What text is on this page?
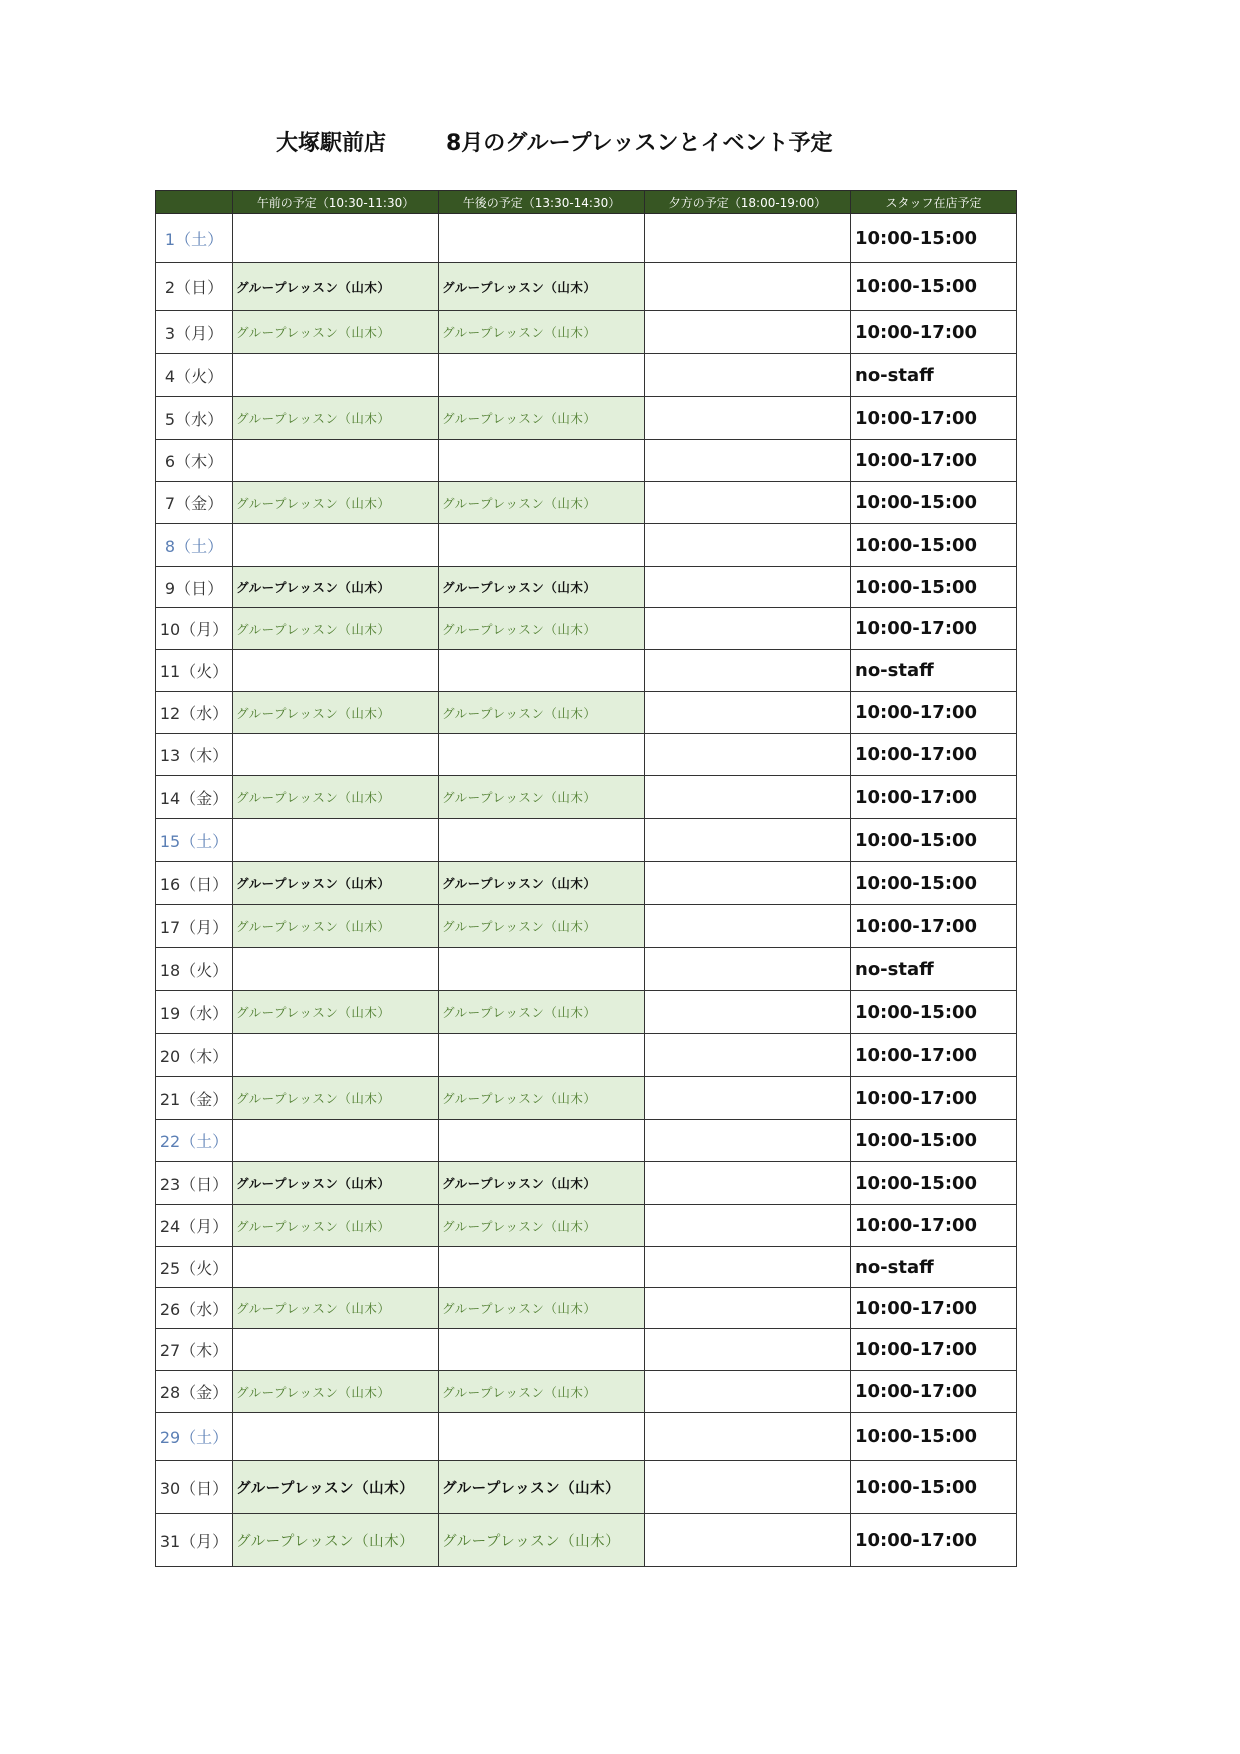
大塚駅前店	8月のグループレッスンとイベント予定
	午前の予定（10:30-11:30）	午後の予定（13:30-14:30）	夕方の予定（18:00-19:00）	スタッフ在店予定
1（土）				10:00-15:00
2（日）	グループレッスン（山木）	グループレッスン（山木）		10:00-15:00
3（月）	グループレッスン（山木）	グループレッスン（山木）		10:00-17:00
4（火）				no-staff
5（水）	グループレッスン（山木）	グループレッスン（山木）		10:00-17:00
6（木）				10:00-17:00
7（金）	グループレッスン（山木）	グループレッスン（山木）		10:00-15:00
8（土）				10:00-15:00
9（日）	グループレッスン（山木）	グループレッスン（山木）		10:00-15:00
10（月）	グループレッスン（山木）	グループレッスン（山木）		10:00-17:00
11（火）				no-staff
12（水）	グループレッスン（山木）	グループレッスン（山木）		10:00-17:00
13（木）				10:00-17:00
14（金）	グループレッスン（山木）	グループレッスン（山木）		10:00-17:00
15（土）				10:00-15:00
16（日）	グループレッスン（山木）	グループレッスン（山木）		10:00-15:00
17（月）	グループレッスン（山木）	グループレッスン（山木）		10:00-17:00
18（火）				no-staff
19（水）	グループレッスン（山木）	グループレッスン（山木）		10:00-15:00
20（木）				10:00-17:00
21（金）	グループレッスン（山木）	グループレッスン（山木）		10:00-17:00
22（土）				10:00-15:00
23（日）	グループレッスン（山木）	グループレッスン（山木）		10:00-15:00
24（月）	グループレッスン（山木）	グループレッスン（山木）		10:00-17:00
25（火）				no-staff
26（水）	グループレッスン（山木）	グループレッスン（山木）		10:00-17:00
27（木）				10:00-17:00
28（金）	グループレッスン（山木）	グループレッスン（山木）		10:00-17:00
29（土）				10:00-15:00
30（日）	グループレッスン（山木）	グループレッスン（山木）		10:00-15:00
31（月）	グループレッスン（山木）	グループレッスン（山木）		10:00-17:00
